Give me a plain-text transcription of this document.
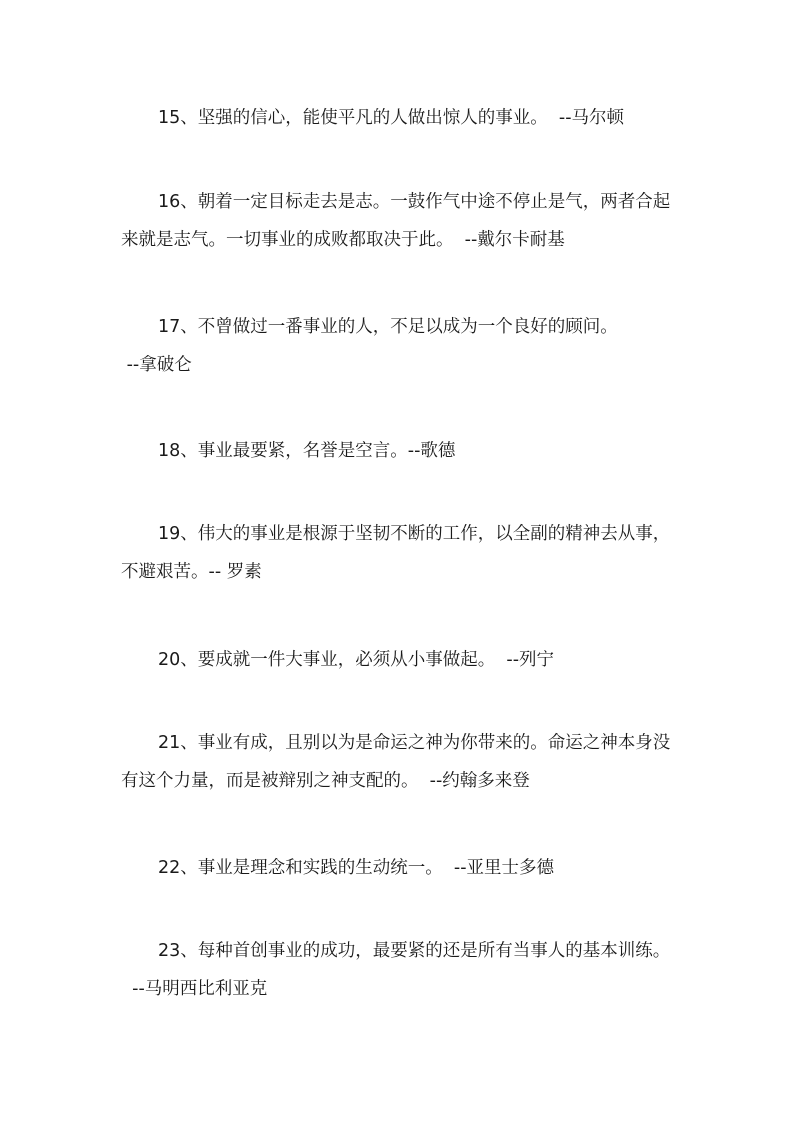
15、坚强的信心，能使平凡的人做出惊人的事业。  --马尔顿

16、朝着一定目标走去是志。一鼓作气中途不停止是气，两者合起来就是志气。一切事业的成败都取决于此。  --戴尔卡耐基

17、不曾做过一番事业的人，不足以成为一个良好的顾问。 --拿破仑

18、事业最要紧，名誉是空言。--歌德

19、伟大的事业是根源于坚韧不断的工作，以全副的精神去从事，不避艰苦。-- 罗素

20、要成就一件大事业，必须从小事做起。  --列宁

21、事业有成，且别以为是命运之神为你带来的。命运之神本身没有这个力量，而是被辩别之神支配的。  --约翰多来登

22、事业是理念和实践的生动统一。  --亚里士多德

23、每种首创事业的成功，最要紧的还是所有当事人的基本训练。  --马明西比利亚克
